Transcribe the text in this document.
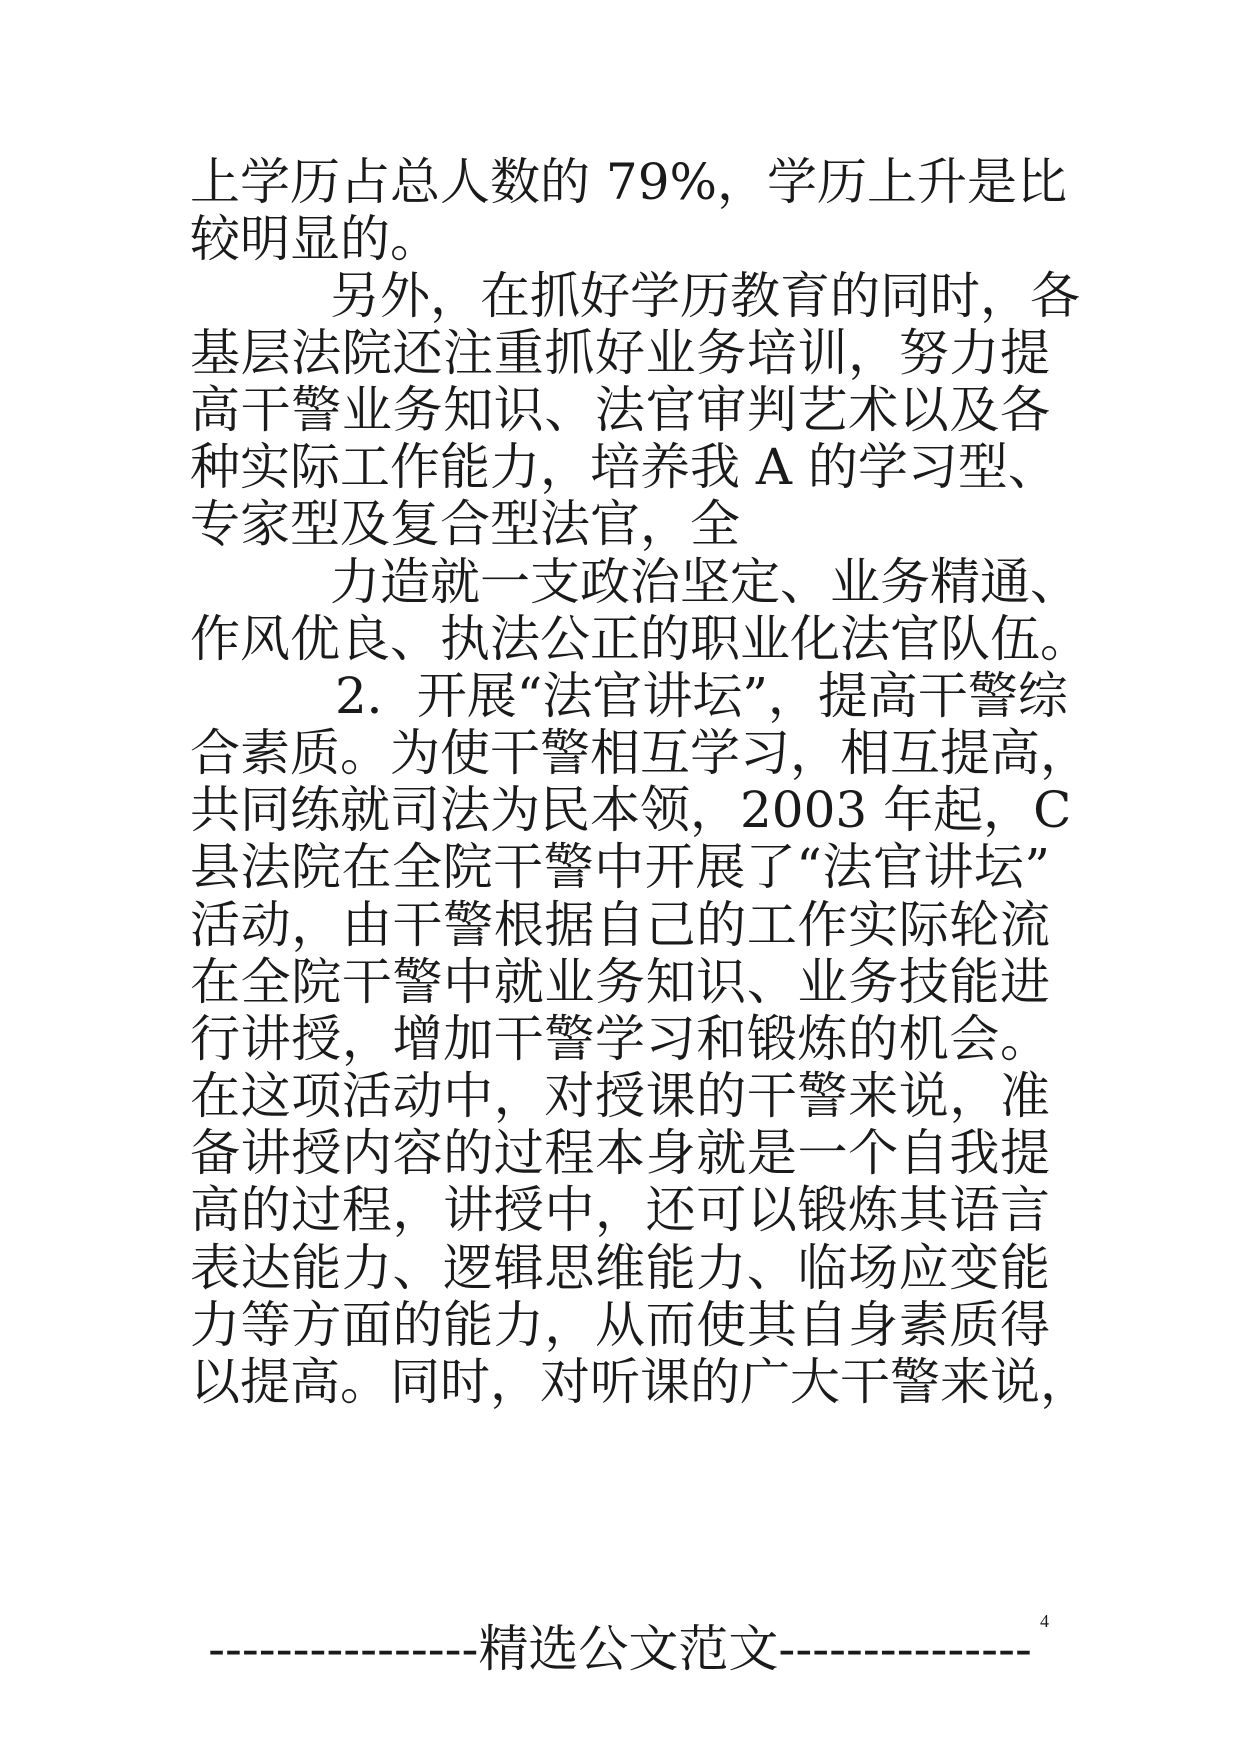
上学历占总人数的 79%，学历上升是比
较明显的。
另外，在抓好学历教育的同时，各
基层法院还注重抓好业务培训，努力提
高干警业务知识、法官审判艺术以及各
种实际工作能力，培养我 A 的学习型、
专家型及复合型法官，全
力造就一支政治坚定、业务精通、
作风优良、执法公正的职业化法官队伍。
2．开展“法官讲坛”，提高干警综
合素质。为使干警相互学习，相互提高，
共同练就司法为民本领，2003 年起，C
县法院在全院干警中开展了“法官讲坛”
活动，由干警根据自己的工作实际轮流
在全院干警中就业务知识、业务技能进
行讲授，增加干警学习和锻炼的机会。
在这项活动中，对授课的干警来说，准
备讲授内容的过程本身就是一个自我提
高的过程，讲授中，还可以锻炼其语言
表达能力、逻辑思维能力、临场应变能
力等方面的能力，从而使其自身素质得
以提高。同时，对听课的广大干警来说，
4
----------------精选公文范文---------------
